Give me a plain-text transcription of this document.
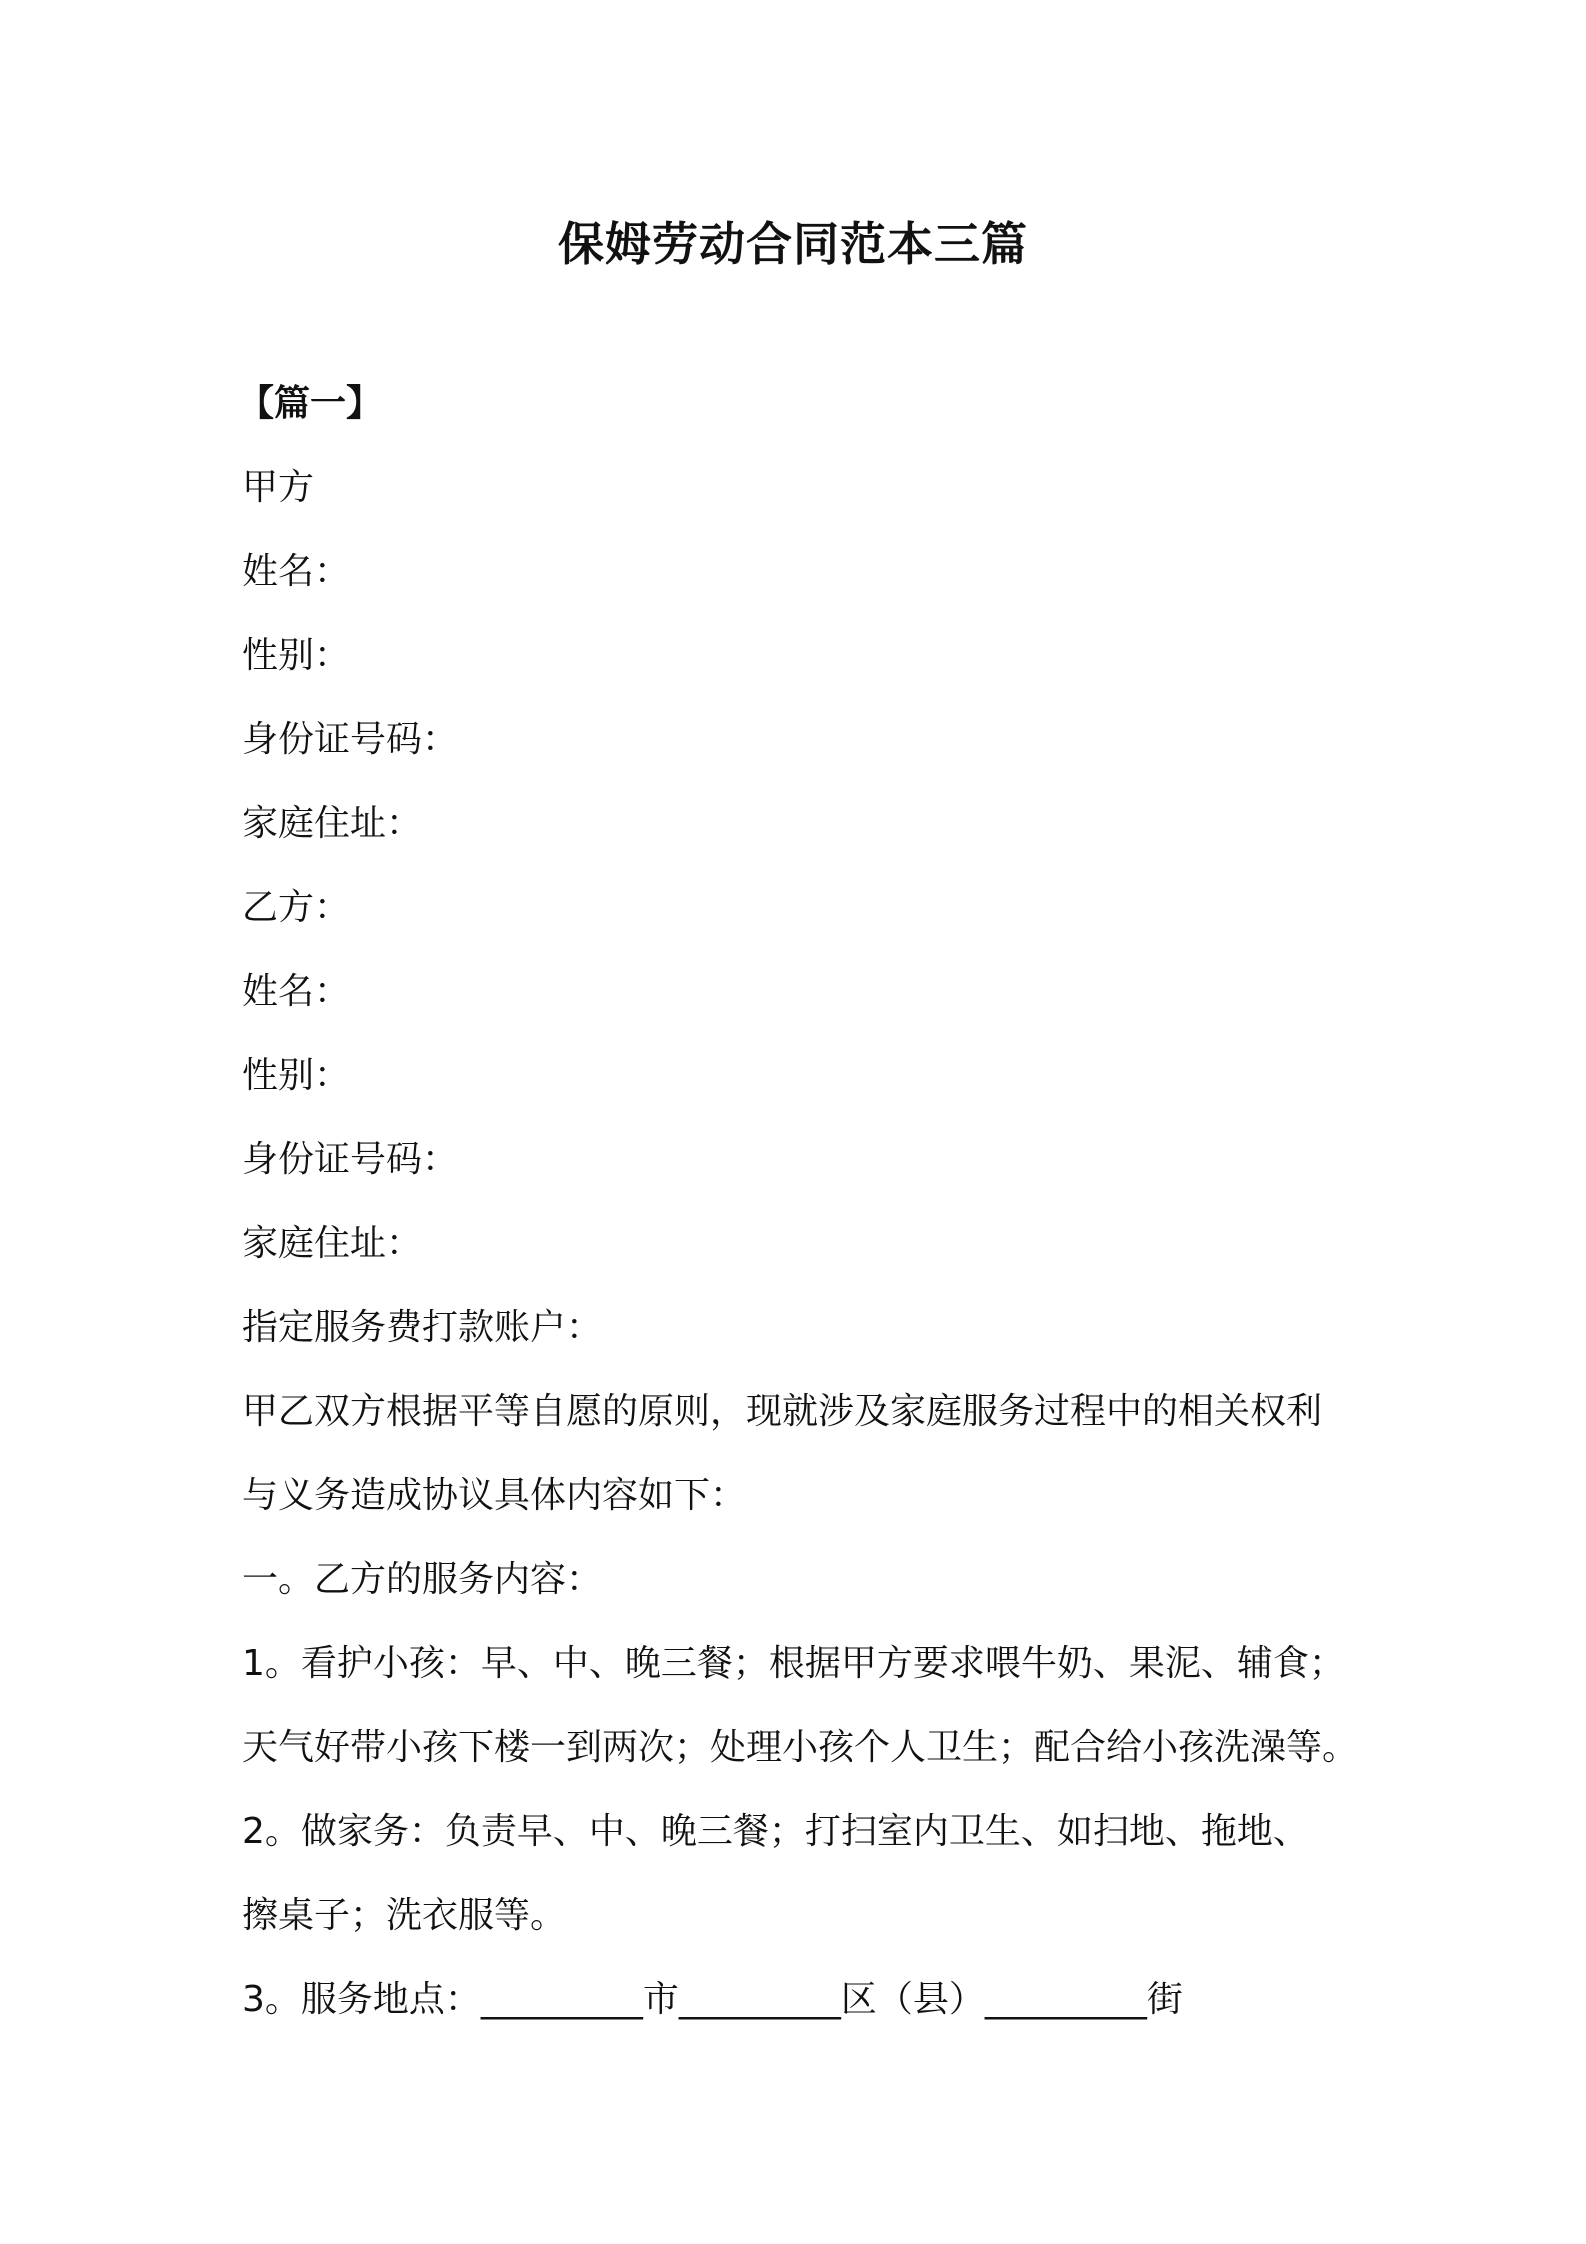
保姆劳动合同范本三篇
【篇一】
甲方
姓名：
性别：
身份证号码：
家庭住址：
乙方：
姓名：
性别：
身份证号码：
家庭住址：
指定服务费打款账户：
甲乙双方根据平等自愿的原则，现就涉及家庭服务过程中的相关权利
与义务造成协议具体内容如下：
一。乙方的服务内容：
1。看护小孩：早、中、晚三餐；根据甲方要求喂牛奶、果泥、辅食；
天气好带小孩下楼一到两次；处理小孩个人卫生；配合给小孩洗澡等。
2。做家务：负责早、中、晚三餐；打扫室内卫生、如扫地、拖地、
擦桌子；洗衣服等。
3。服务地点：_________市_________区（县）_________街
